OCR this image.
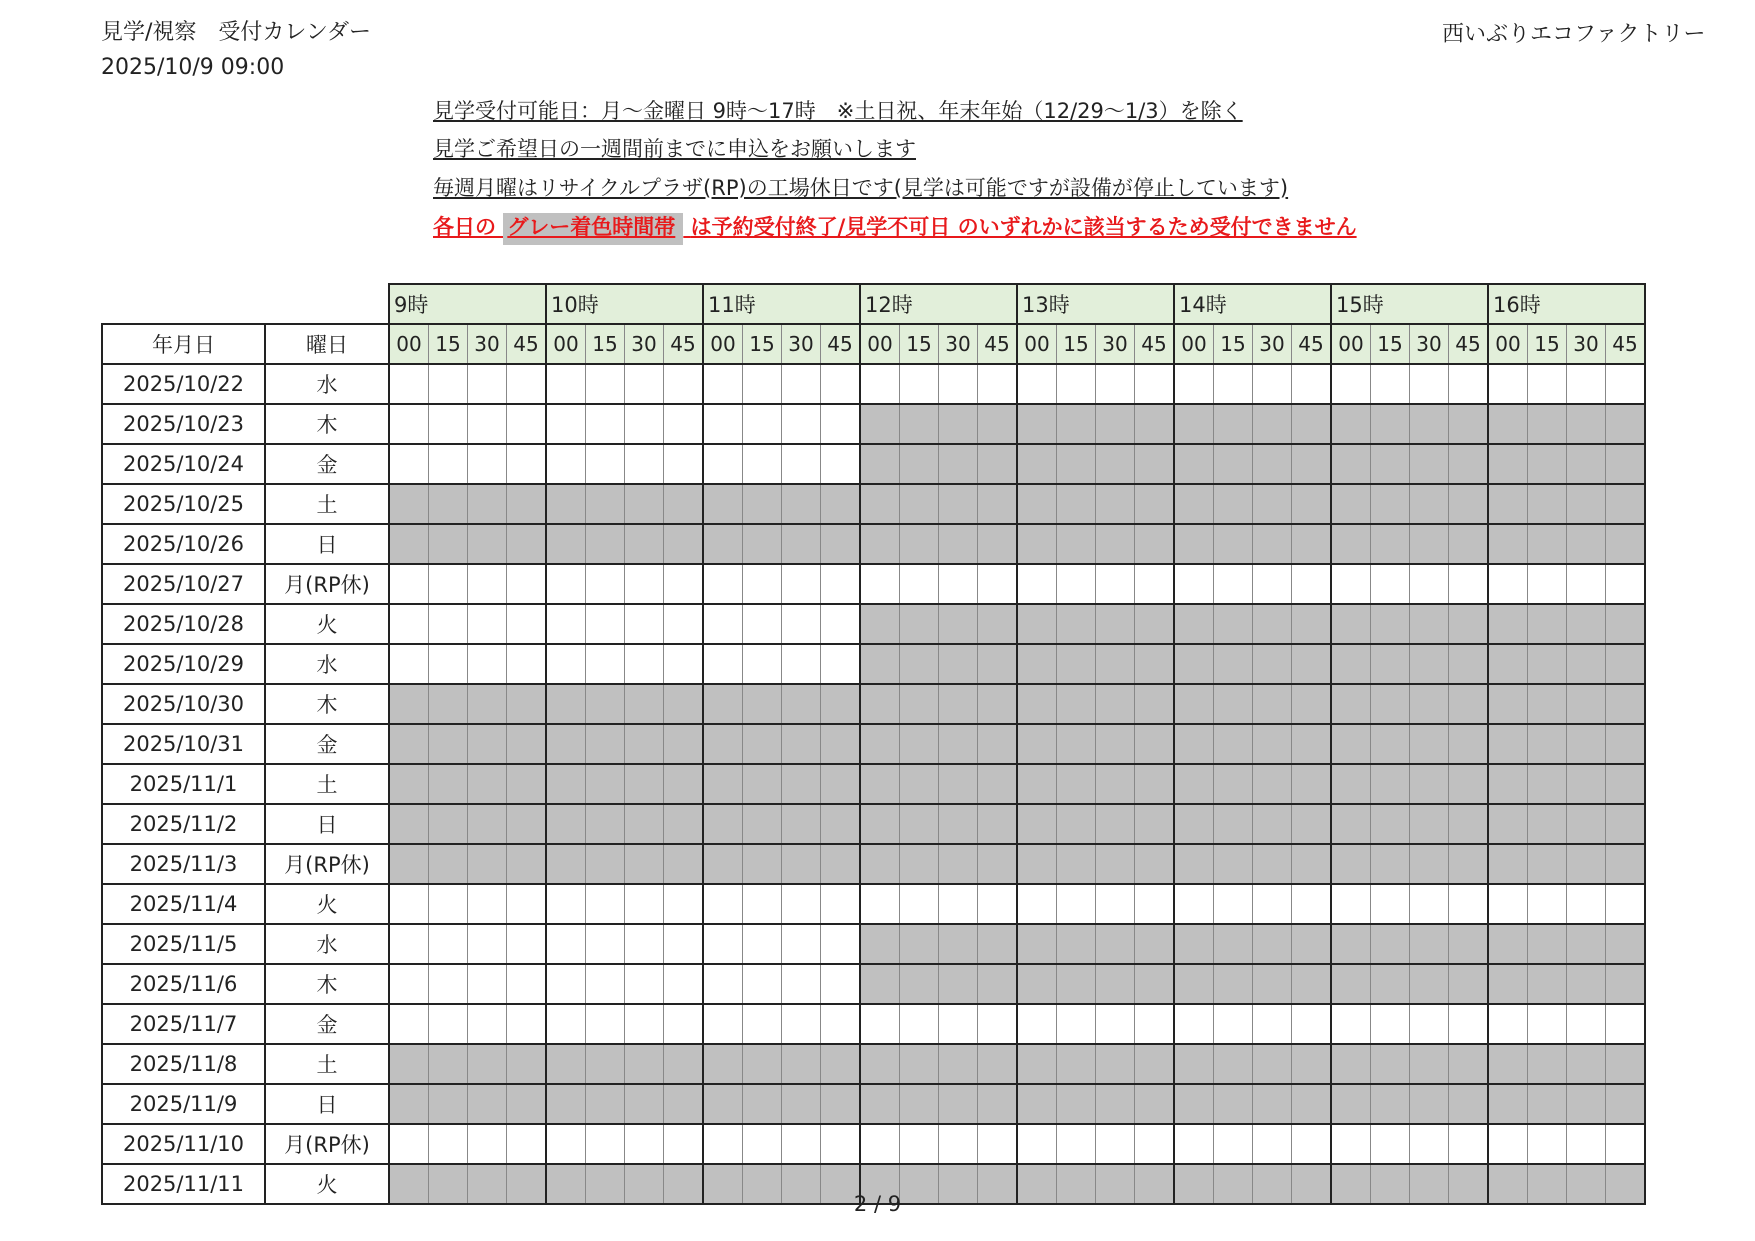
見学/視察　受付カレンダー
2025/10/9 09:00
西いぶりエコファクトリー
見学受付可能日：月～金曜日 9時～17時　※土日祝、年末年始（12/29～1/3）を除く
見学ご希望日の一週間前までに申込をお願いします
毎週月曜はリサイクルプラザ(RP)の工場休日です(見学は可能ですが設備が停止しています)
各日の グレー着色時間帯 は予約受付終了/見学不可日 のいずれかに該当するため受付できません
		9時				10時				11時				12時				13時				14時				15時				16時			
年月日	曜日	00	15	30	45	00	15	30	45	00	15	30	45	00	15	30	45	00	15	30	45	00	15	30	45	00	15	30	45	00	15	30	45
2025/10/22	水																																
2025/10/23	木																																
2025/10/24	金																																
2025/10/25	土																																
2025/10/26	日																																
2025/10/27	月(RP休)																																
2025/10/28	火																																
2025/10/29	水																																
2025/10/30	木																																
2025/10/31	金																																
2025/11/1	土																																
2025/11/2	日																																
2025/11/3	月(RP休)																																
2025/11/4	火																																
2025/11/5	水																																
2025/11/6	木																																
2025/11/7	金																																
2025/11/8	土																																
2025/11/9	日																																
2025/11/10	月(RP休)																																
2025/11/11	火																																
2 / 9
